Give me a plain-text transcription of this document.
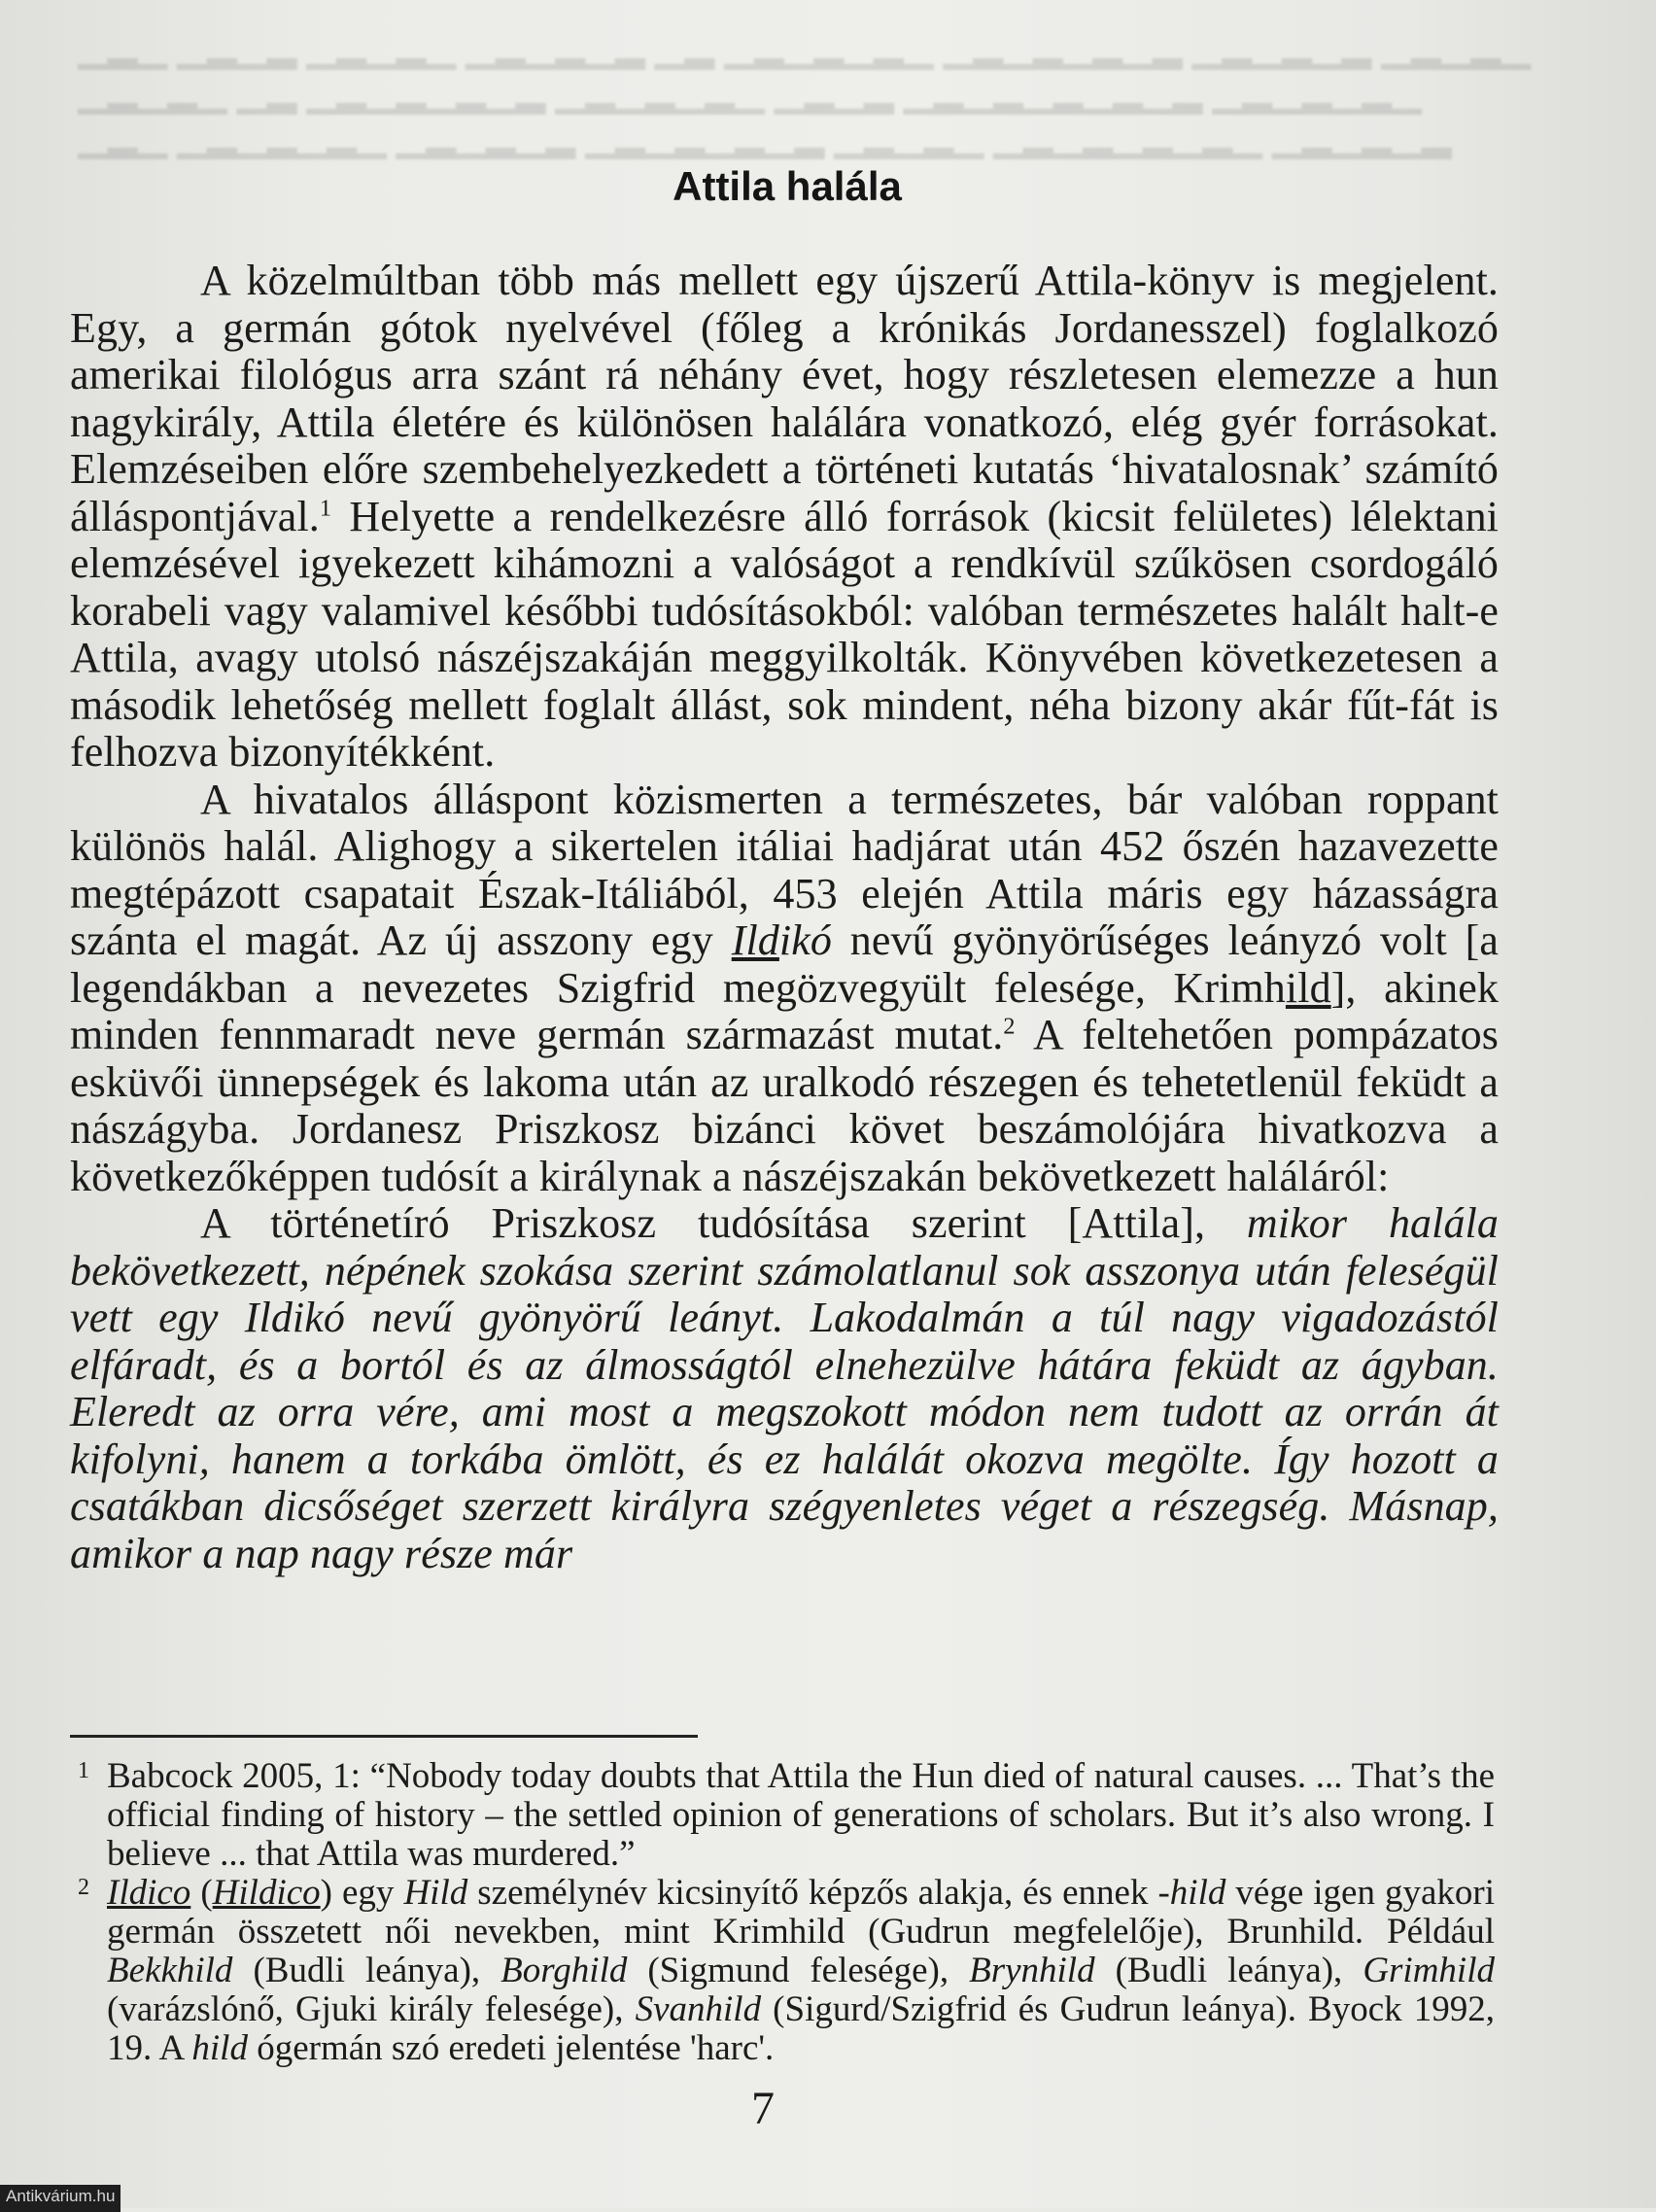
▁▂▁ ▁▂▁▂ ▁▂▁▂▁ ▁▂▁▂▁▂ ▁▂ ▁▂▁▂▁▂▁ ▁▂▁▂▁▂▁▂ ▁▂▁▂▁▂ ▁▂▁▂▁
▁▂▁▂▁ ▁▂ ▁▂▁▂▁▂▁▂ ▁▂▁▂▁▂▁ ▁▂▁▂ ▁▂▁▂▁▂▁▂▁▂ ▁▂▁▂▁▂▁
▁▂▁ ▁▂▁▂▁▂▁ ▁▂▁▂▁▂ ▁▂▁▂▁▂▁▂ ▁▂▁▂▁ ▁▂▁▂▁▂▁▂▁ ▁▂▁▂▁▂
Attila halála

A közelmúltban több más mellett egy újszerű Attila-könyv is megjelent. Egy, a germán gótok nyelvével (főleg a krónikás Jordanesszel) foglalkozó amerikai filológus arra szánt rá néhány évet, hogy részletesen elemezze a hun nagykirály, Attila életére és különösen halálára vonatkozó, elég gyér forrásokat. Elemzéseiben előre szembehelyezkedett a történeti kutatás ‘hivatalosnak’ számító álláspontjával.$^1$ Helyette a rendelkezésre álló források (kicsit felületes) lélektani elemzésével igyekezett kihámozni a valóságot a rendkívül szűkösen csordogáló korabeli vagy valamivel későbbi tudósításokból: valóban természetes halált halt-e Attila, avagy utolsó nászéjszakáján meggyilkolták. Könyvében következetesen a második lehetőség mellett foglalt állást, sok mindent, néha bizony akár fűt-fát is felhozva bizonyítékként.

A hivatalos álláspont közismerten a természetes, bár valóban roppant különös halál. Alighogy a sikertelen itáliai hadjárat után 452 őszén hazavezette megtépázott csapatait Észak-Itáliából, 453 elején Attila máris egy házasságra szánta el magát. Az új asszony egy Ildikó nevű gyönyörűséges leányzó volt [a legendákban a nevezetes Szigfrid megözvegyült felesége, Krimhild], akinek minden fennmaradt neve germán származást mutat.$^2$ A feltehetően pompázatos esküvői ünnepségek és lakoma után az uralkodó részegen és tehetetlenül feküdt a nászágyba. Jordanesz Priszkosz bizánci követ beszámolójára hivatkozva a következőképpen tudósít a királynak a nászéjszakán bekövetkezett haláláról:

A történetíró Priszkosz tudósítása szerint [Attila], mikor halála bekövetkezett, népének szokása szerint számolatlanul sok asszonya után feleségül vett egy Ildikó nevű gyönyörű leányt. Lakodalmán a túl nagy vigadozástól elfáradt, és a bortól és az álmosságtól elnehezülve hátára feküdt az ágyban. Eleredt az orra vére, ami most a megszokott módon nem tudott az orrán át kifolyni, hanem a torkába ömlött, és ez halálát okozva megölte. Így hozott a csatákban dicsőséget szerzett királyra szégyenletes véget a részegség. Másnap, amikor a nap nagy része már

1 Babcock 2005, 1: “Nobody today doubts that Attila the Hun died of natural causes. ... That’s the official finding of history – the settled opinion of generations of scholars. But it’s also wrong. I believe ... that Attila was murdered.”

2 Ildico (Hildico) egy Hild személynév kicsinyítő képzős alakja, és ennek -hild vége igen gyakori germán összetett női nevekben, mint Krimhild (Gudrun megfelelője), Brunhild. Például Bekkhild (Budli leánya), Borghild (Sigmund felesége), Brynhild (Budli leánya), Grimhild (varázslónő, Gjuki király felesége), Svanhild (Sigurd/Szigfrid és Gudrun leánya). Byock 1992, 19. A hild ógermán szó eredeti jelentése 'harc'.

7
Antikvárium.hu
